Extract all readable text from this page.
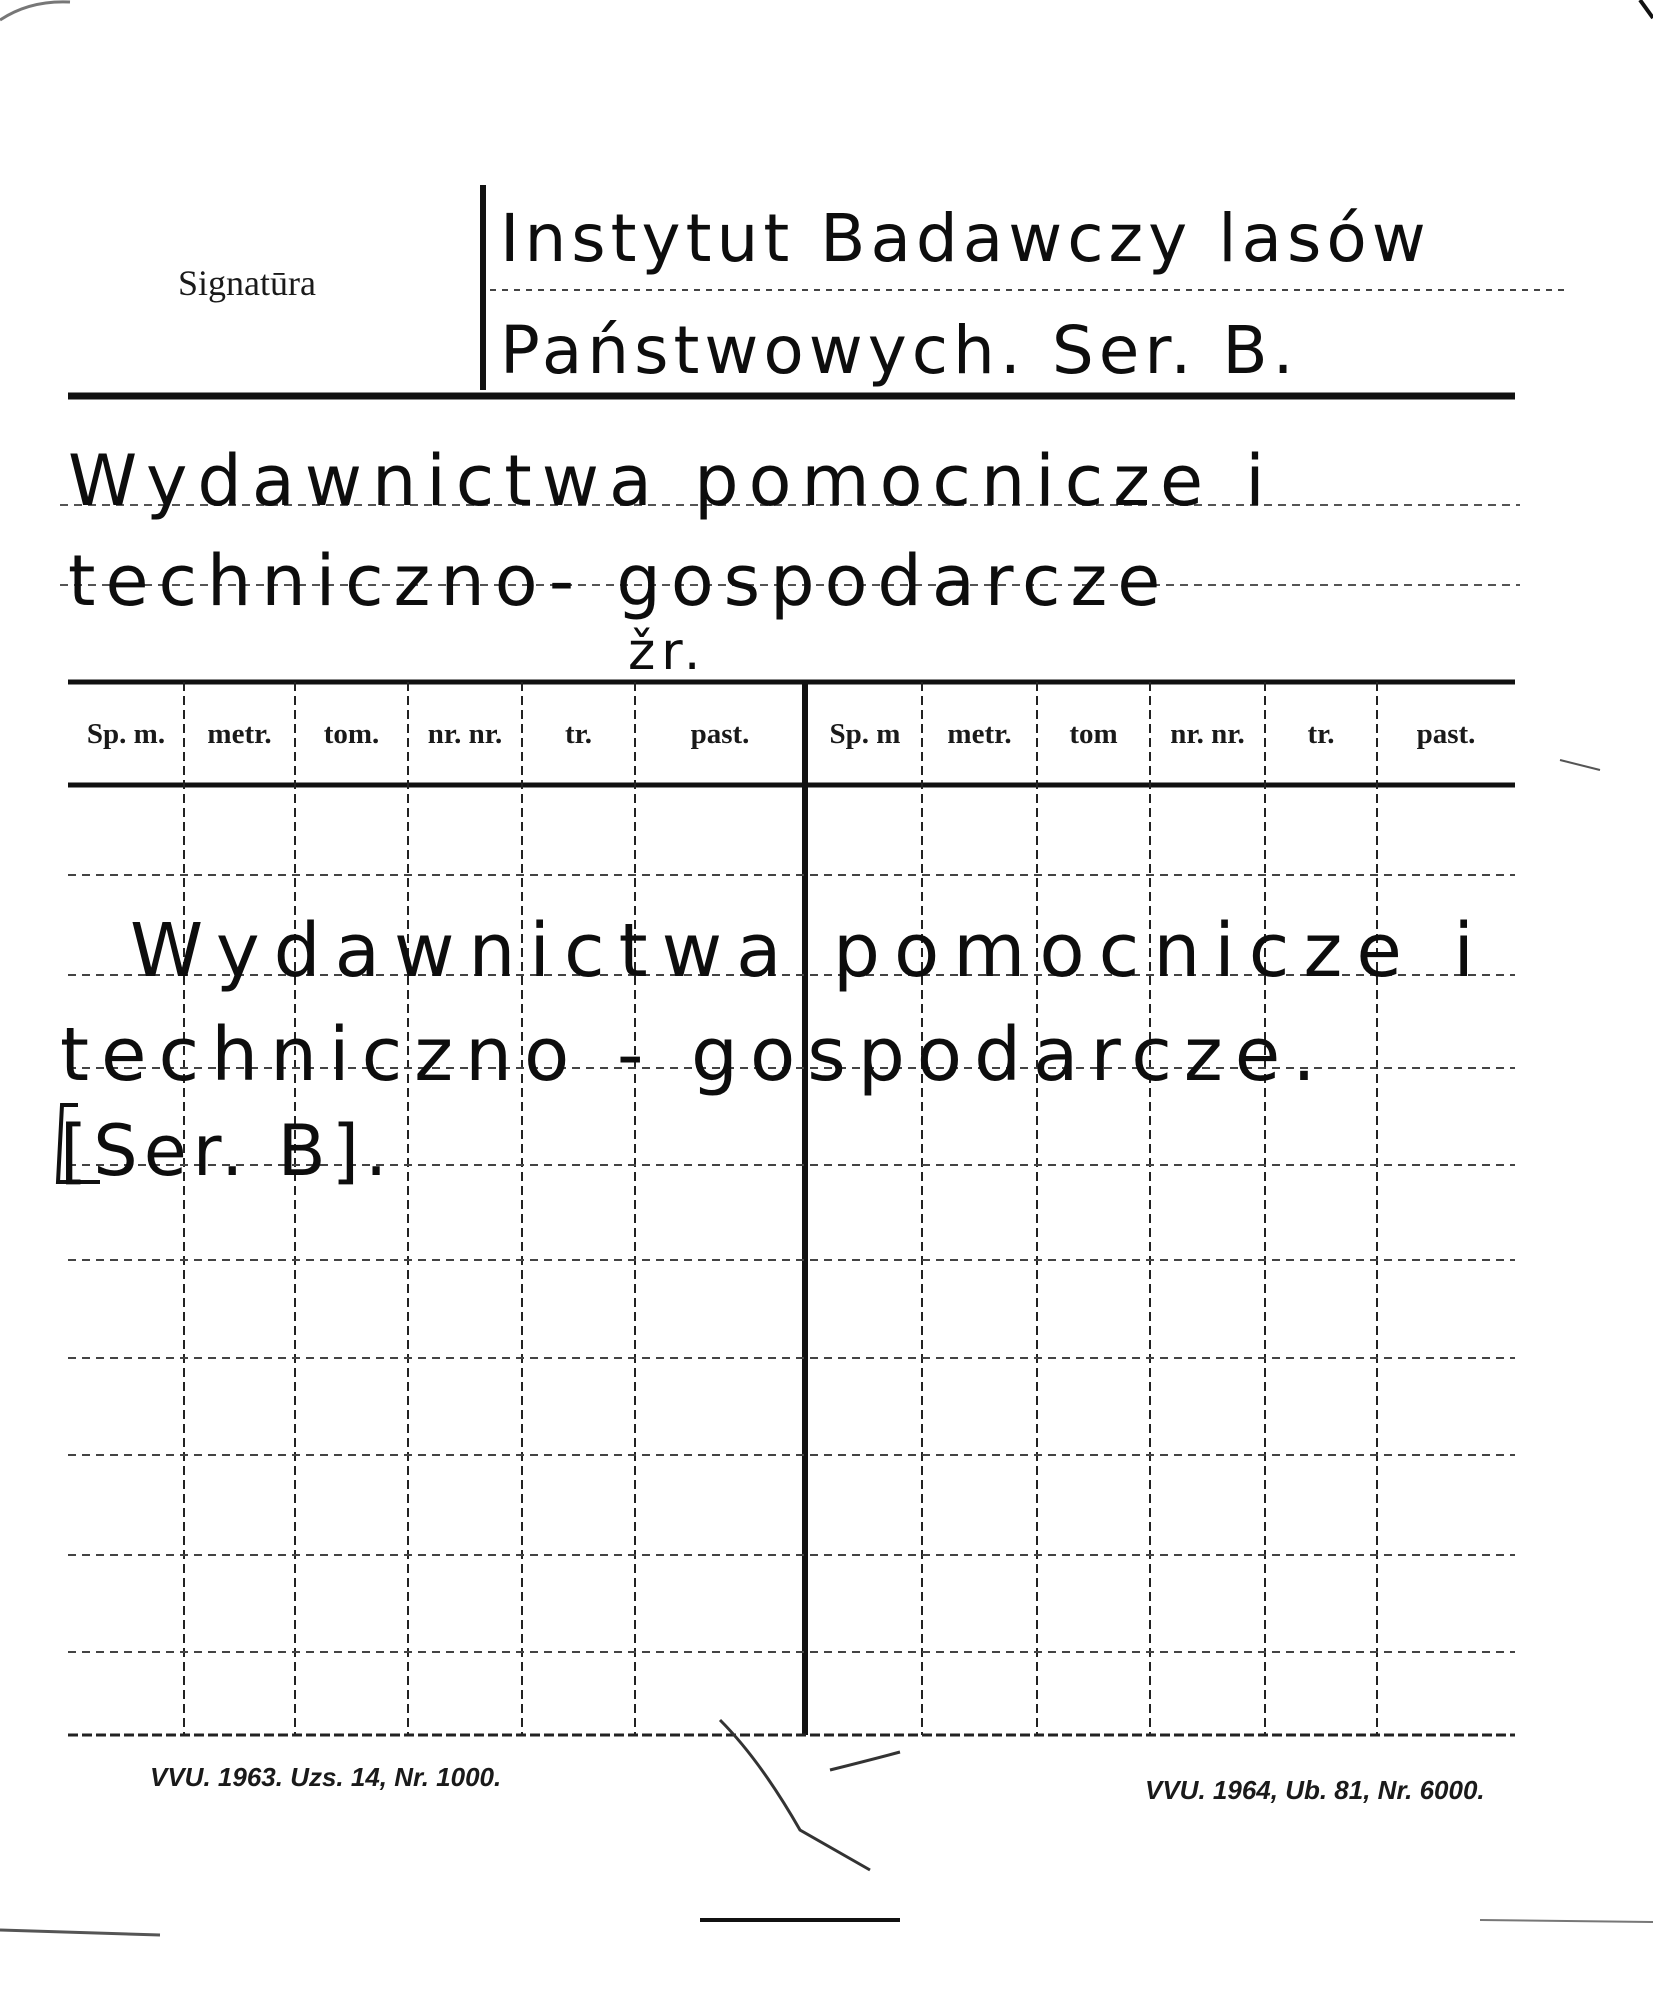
Signatūra
Instytut Badawczy lasów
Państwowych. Ser. B.
Wydawnictwa pomocnicze i
techniczno- gospodarcze
žr.
Sp. m.	metr.	tom.	nr. nr.	tr.	past.	Sp. m	metr.	tom	nr. nr.	tr.	past.
Wydawnictwa pomocnicze i
techniczno - gospodarcze.
[Ser. B].
VVU. 1963. Uzs. 14, Nr. 1000.	VVU. 1964, Ub. 81, Nr. 6000.
